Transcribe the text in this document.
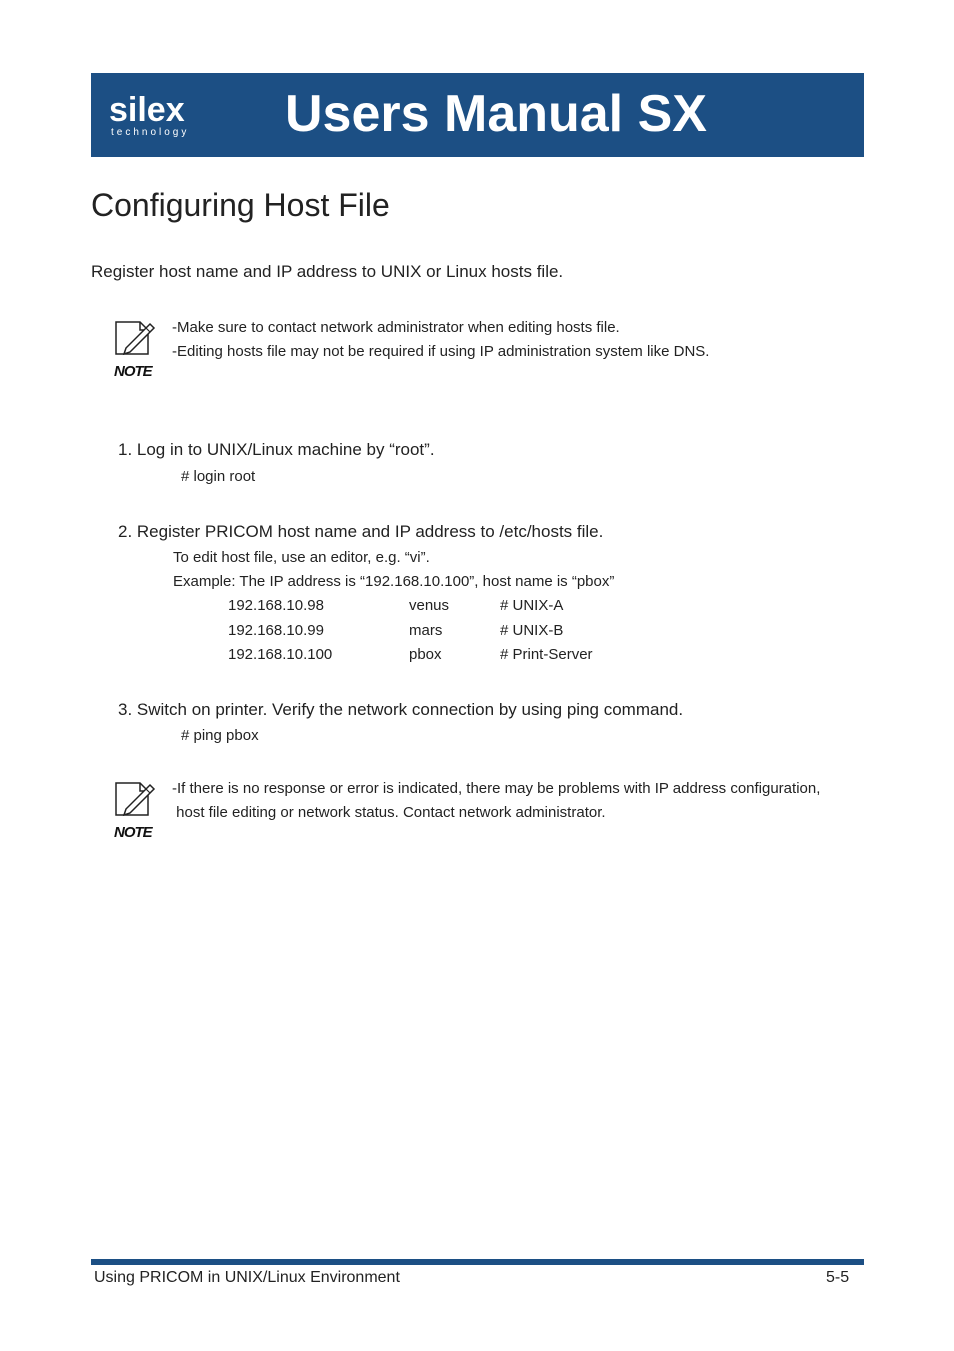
silex
technology Users Manual SX
Configuring Host File
Register host name and IP address to UNIX or Linux hosts file.
NOTE
-Make sure to contact network administrator when editing hosts file.
-Editing hosts file may not be required if using IP administration system like DNS.
1. Log in to UNIX/Linux machine by “root”.
# login root
2. Register PRICOM host name and IP address to /etc/hosts file.
To edit host file, use an editor, e.g. “vi”.
Example: The IP address is “192.168.10.100”, host name is “pbox”
192.168.10.98	venus	# UNIX-A
192.168.10.99	mars	# UNIX-B
192.168.10.100	pbox	# Print-Server
3. Switch on printer. Verify the network connection by using ping command.
# ping pbox
NOTE
-If there is no response or error is indicated, there may be problems with IP address configuration,
host file editing or network status. Contact network administrator.
Using PRICOM in UNIX/Linux Environment	5-5
